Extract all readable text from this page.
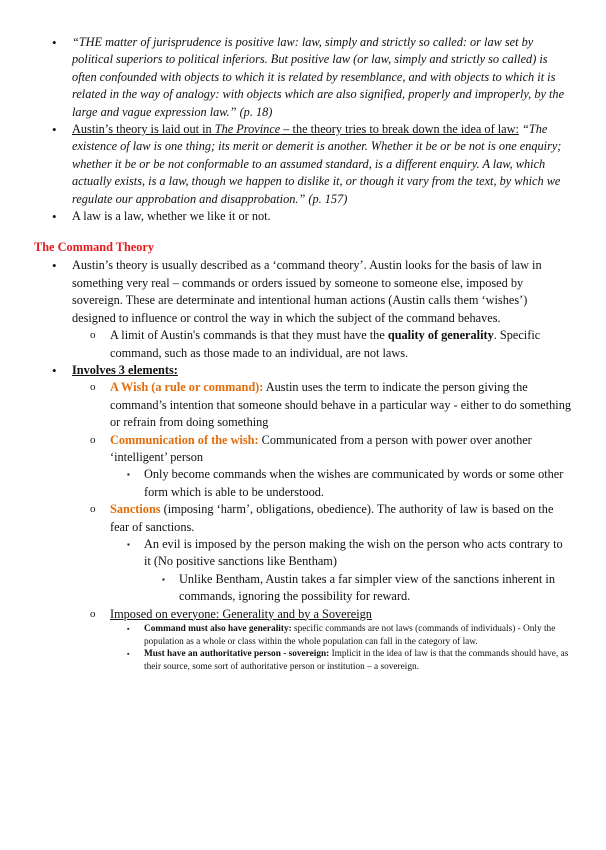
• “THE matter of jurisprudence is positive law: law, simply and strictly so called: or law set by political superiors to political inferiors. But positive law (or law, simply and strictly so called) is often confounded with objects to which it is related by resemblance, and with objects to which it is related in the way of analogy: with objects which are also signified, properly and improperly, by the large and vague expression law.” (p. 18)
• Austin’s theory is laid out in The Province – the theory tries to break down the idea of law: “The existence of law is one thing; its merit or demerit is another. Whether it be or be not is one enquiry; whether it be or be not conformable to an assumed standard, is a different enquiry. A law, which actually exists, is a law, though we happen to dislike it, or though it vary from the text, by which we regulate our approbation and disapprobation.” (p. 157)
• A law is a law, whether we like it or not.
The Command Theory
• Austin’s theory is usually described as a ‘command theory’. Austin looks for the basis of law in something very real – commands or orders issued by someone to someone else, imposed by sovereign. These are determinate and intentional human actions (Austin calls them ‘wishes’) designed to influence or control the way in which the subject of the command behaves.
o A limit of Austin's commands is that they must have the quality of generality. Specific command, such as those made to an individual, are not laws.
• Involves 3 elements:
o A Wish (a rule or command): Austin uses the term to indicate the person giving the command’s intention that someone should behave in a particular way - either to do something or refrain from doing something
o Communication of the wish: Communicated from a person with power over another ‘intelligent’ person
▪ Only become commands when the wishes are communicated by words or some other form which is able to be understood.
o Sanctions (imposing ‘harm’, obligations, obedience). The authority of law is based on the fear of sanctions.
▪ An evil is imposed by the person making the wish on the person who acts contrary to it (No positive sanctions like Bentham)
▪ Unlike Bentham, Austin takes a far simpler view of the sanctions inherent in commands, ignoring the possibility for reward.
o Imposed on everyone: Generality and by a Sovereign
▪ Command must also have generality: specific commands are not laws (commands of individuals) - Only the population as a whole or class within the whole population can fall in the category of law.
▪ Must have an authoritative person - sovereign: Implicit in the idea of law is that the commands should have, as their source, some sort of authoritative person or institution – a sovereign.
